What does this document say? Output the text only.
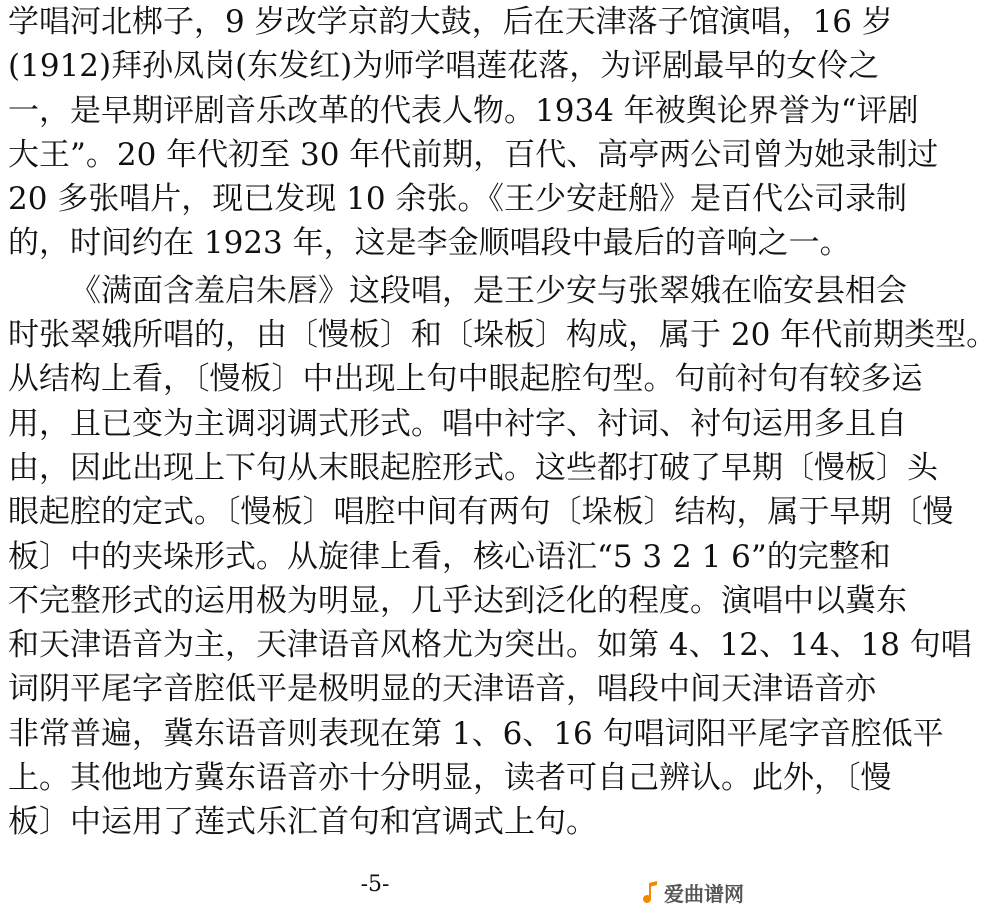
学唱河北梆子，9 岁改学京韵大鼓，后在天津落子馆演唱，16 岁
(1912)拜孙凤岗(东发红)为师学唱莲花落，为评剧最早的女伶之
一，是早期评剧音乐改革的代表人物。1934 年被舆论界誉为“评剧
大王”。20 年代初至 30 年代前期，百代、高亭两公司曾为她录制过
20 多张唱片，现已发现 10 余张。《王少安赶船》是百代公司录制
的，时间约在 1923 年，这是李金顺唱段中最后的音响之一。
《满面含羞启朱唇》这段唱，是王少安与张翠娥在临安县相会
时张翠娥所唱的，由〔慢板〕和〔垛板〕构成，属于 20 年代前期类型。
从结构上看，〔慢板〕中出现上句中眼起腔句型。句前衬句有较多运
用，且已变为主调羽调式形式。唱中衬字、衬词、衬句运用多且自
由，因此出现上下句从末眼起腔形式。这些都打破了早期〔慢板〕头
眼起腔的定式。〔慢板〕唱腔中间有两句〔垛板〕结构，属于早期〔慢
板〕中的夹垛形式。从旋律上看，核心语汇“5 3 2 1 6”的完整和
不完整形式的运用极为明显，几乎达到泛化的程度。演唱中以冀东
和天津语音为主，天津语音风格尤为突出。如第 4、12、14、18 句唱
词阴平尾字音腔低平是极明显的天津语音，唱段中间天津语音亦
非常普遍，冀东语音则表现在第 1、6、16 句唱词阳平尾字音腔低平
上。其他地方冀东语音亦十分明显，读者可自己辨认。此外，〔慢
板〕中运用了莲式乐汇首句和宫调式上句。
-5-	爱曲谱网
